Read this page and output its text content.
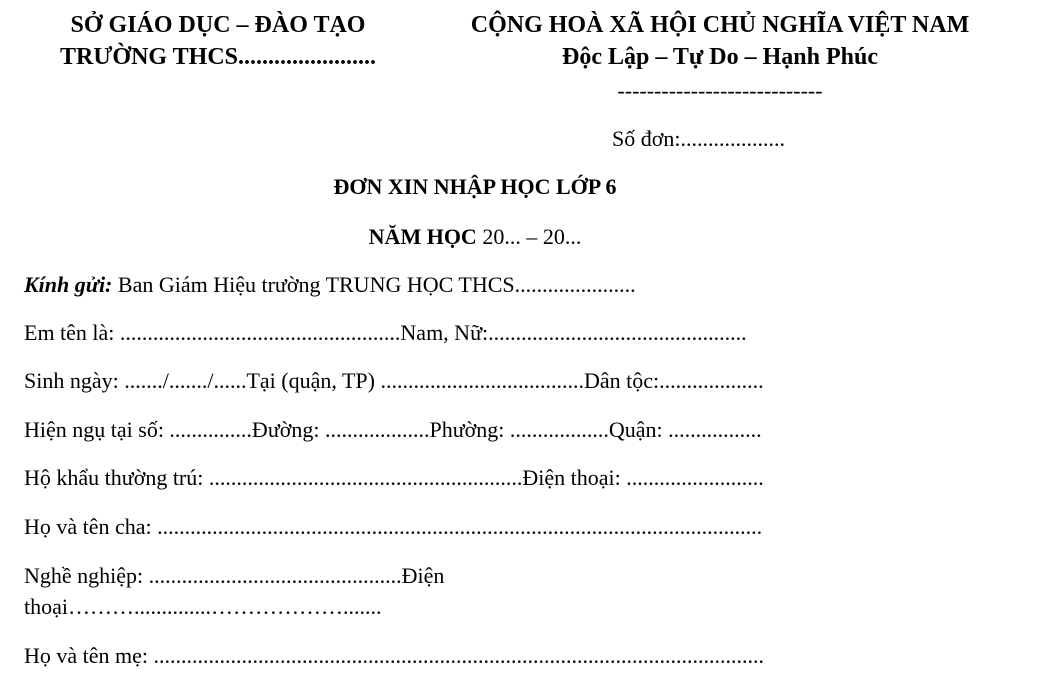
SỞ GIÁO DỤC – ĐÀO TẠO
TRƯỜNG THCS.......................
CỘNG HOÀ XÃ HỘI CHỦ NGHĨA VIỆT NAM
Độc Lập – Tự Do – Hạnh Phúc
----------------------------
Số đơn:...................
ĐƠN XIN NHẬP HỌC LỚP 6
NĂM HỌC 20... – 20...
Kính gửi: Ban Giám Hiệu trường TRUNG HỌC THCS......................
Em tên là: ...................................................Nam, Nữ:...............................................
Sinh ngày: ......./......./......Tại (quận, TP) .....................................Dân tộc:...................
Hiện ngụ tại số: ...............Đường: ...................Phường: ..................Quận: .................
Hộ khẩu thường trú: .........................................................Điện thoại: .........................
Họ và tên cha: ..............................................................................................................
Nghề nghiệp: ..............................................Điện
thoại………..............……………….......
Họ và tên mẹ: ...............................................................................................................
